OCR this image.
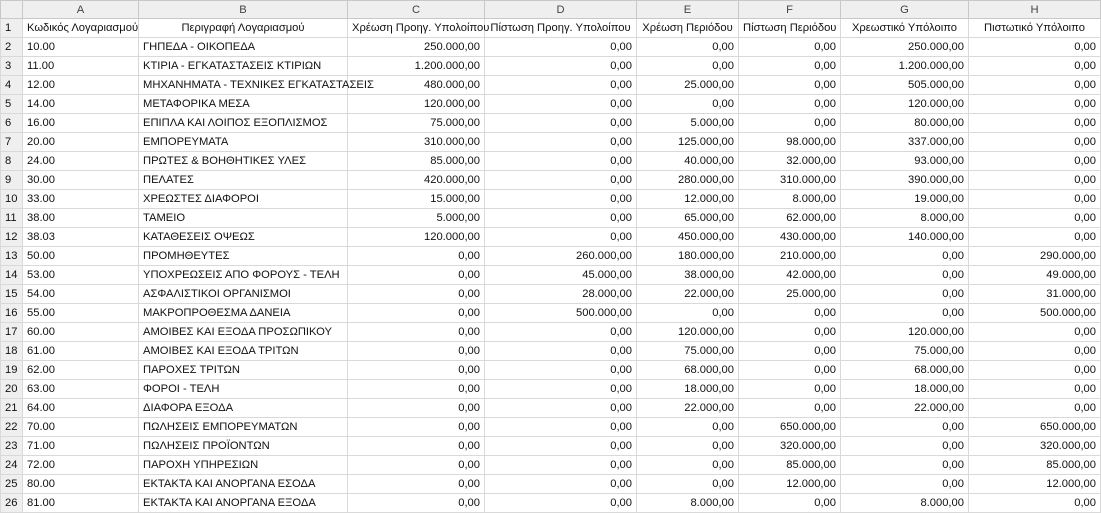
	A	B	C	D	E	F	G	H
1	Κωδικός Λογαριασμού	Περιγραφή Λογαριασμού	Χρέωση Προηγ. Υπολοίπου	Πίστωση Προηγ. Υπολοίπου	Χρέωση Περιόδου	Πίστωση Περιόδου	Χρεωστικό Υπόλοιπο	Πιστωτικό Υπόλοιπο
2	10.00	ΓΗΠΕΔΑ - ΟΙΚΟΠΕΔΑ	250.000,00	0,00	0,00	0,00	250.000,00	0,00
3	11.00	ΚΤΙΡΙΑ - ΕΓΚΑΤΑΣΤΑΣΕΙΣ ΚΤΙΡΙΩΝ	1.200.000,00	0,00	0,00	0,00	1.200.000,00	0,00
4	12.00	ΜΗΧΑΝΗΜΑΤΑ - ΤΕΧΝΙΚΕΣ ΕΓΚΑΤΑΣΤΑΣΕΙΣ	480.000,00	0,00	25.000,00	0,00	505.000,00	0,00
5	14.00	ΜΕΤΑΦΟΡΙΚΑ ΜΕΣΑ	120.000,00	0,00	0,00	0,00	120.000,00	0,00
6	16.00	ΕΠΙΠΛΑ ΚΑΙ ΛΟΙΠΟΣ ΕΞΟΠΛΙΣΜΟΣ	75.000,00	0,00	5.000,00	0,00	80.000,00	0,00
7	20.00	ΕΜΠΟΡΕΥΜΑΤΑ	310.000,00	0,00	125.000,00	98.000,00	337.000,00	0,00
8	24.00	ΠΡΩΤΕΣ & ΒΟΗΘΗΤΙΚΕΣ ΥΛΕΣ	85.000,00	0,00	40.000,00	32.000,00	93.000,00	0,00
9	30.00	ΠΕΛΑΤΕΣ	420.000,00	0,00	280.000,00	310.000,00	390.000,00	0,00
10	33.00	ΧΡΕΩΣΤΕΣ ΔΙΑΦΟΡΟΙ	15.000,00	0,00	12.000,00	8.000,00	19.000,00	0,00
11	38.00	ΤΑΜΕΙΟ	5.000,00	0,00	65.000,00	62.000,00	8.000,00	0,00
12	38.03	ΚΑΤΑΘΕΣΕΙΣ ΟΨΕΩΣ	120.000,00	0,00	450.000,00	430.000,00	140.000,00	0,00
13	50.00	ΠΡΟΜΗΘΕΥΤΕΣ	0,00	260.000,00	180.000,00	210.000,00	0,00	290.000,00
14	53.00	ΥΠΟΧΡΕΩΣΕΙΣ ΑΠΟ ΦΟΡΟΥΣ - ΤΕΛΗ	0,00	45.000,00	38.000,00	42.000,00	0,00	49.000,00
15	54.00	ΑΣΦΑΛΙΣΤΙΚΟΙ ΟΡΓΑΝΙΣΜΟΙ	0,00	28.000,00	22.000,00	25.000,00	0,00	31.000,00
16	55.00	ΜΑΚΡΟΠΡΟΘΕΣΜΑ ΔΑΝΕΙΑ	0,00	500.000,00	0,00	0,00	0,00	500.000,00
17	60.00	ΑΜΟΙΒΕΣ ΚΑΙ ΕΞΟΔΑ ΠΡΟΣΩΠΙΚΟΥ	0,00	0,00	120.000,00	0,00	120.000,00	0,00
18	61.00	ΑΜΟΙΒΕΣ ΚΑΙ ΕΞΟΔΑ ΤΡΙΤΩΝ	0,00	0,00	75.000,00	0,00	75.000,00	0,00
19	62.00	ΠΑΡΟΧΕΣ ΤΡΙΤΩΝ	0,00	0,00	68.000,00	0,00	68.000,00	0,00
20	63.00	ΦΟΡΟΙ - ΤΕΛΗ	0,00	0,00	18.000,00	0,00	18.000,00	0,00
21	64.00	ΔΙΑΦΟΡΑ ΕΞΟΔΑ	0,00	0,00	22.000,00	0,00	22.000,00	0,00
22	70.00	ΠΩΛΗΣΕΙΣ ΕΜΠΟΡΕΥΜΑΤΩΝ	0,00	0,00	0,00	650.000,00	0,00	650.000,00
23	71.00	ΠΩΛΗΣΕΙΣ ΠΡΟΪΟΝΤΩΝ	0,00	0,00	0,00	320.000,00	0,00	320.000,00
24	72.00	ΠΑΡΟΧΗ ΥΠΗΡΕΣΙΩΝ	0,00	0,00	0,00	85.000,00	0,00	85.000,00
25	80.00	ΕΚΤΑΚΤΑ ΚΑΙ ΑΝΟΡΓΑΝΑ ΕΣΟΔΑ	0,00	0,00	0,00	12.000,00	0,00	12.000,00
26	81.00	ΕΚΤΑΚΤΑ ΚΑΙ ΑΝΟΡΓΑΝΑ ΕΞΟΔΑ	0,00	0,00	8.000,00	0,00	8.000,00	0,00
